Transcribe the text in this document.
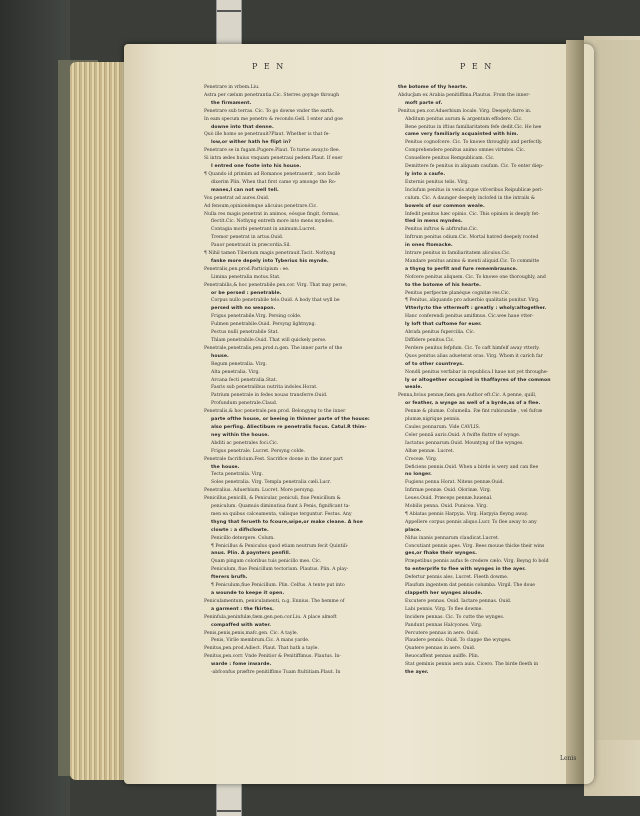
P E N	P E N
Penetrare in vrbem.Liu.
Astra per cælum penetrantia.Cic. Sterres goynge through
the firmament.
Penetrare sub terras. Cic. To go downe vnder the earth.
In eam specum me penetro & recondo.Gell. I enter and goe
downe into that denne.
Quò ille homo se penetrauit?Plaut. Whether is that fe-
low,or wither hath he flipt in?
Penetrare se in fugam.Pugere.Plaut. To turne away,to flee.
Si intra ædes huius vnquam penetraui pedem.Plaut. If euer
I entred one foote into his house.
¶ Quando id primùm ad Romanos penetrauerit , non facilè
dixerim Plin. When that first came vp amonge the Ro-
manes,I can not well tell.
Vox penetrat ad aures.Ouid.
Ad fensum,opinionémque alicuius penetrare.Cic.
Nulla res magis penetrat in animos, eósque fingit, formas,
flectit.Cic. Nothyng entreth more into mens myndes.
Contagia morbi penetrant in animum.Lucret.
Tremor penetrat in artus.Ouid.
Pauor penetrauit in præcordia.Sil.
¶ Nihil tamen Tiberium magis penetrauit.Tacit. Nothyng
fanke more depely into Tyberius his mynde.
Penetralis,pen.prod.Participium : ee.
Limina penetralia motus.Stat.
Penetrabilis,& hoc penetrabile.pen.cor. Virg. That may perse,
or be persed : penetrable.
Corpus nullo penetrabile telo.Ouid. A body that wyll be
persed with no weapon.
Frigus penetrabile.Virg. Persing colde.
Fulmen penetrabile.Ouid. Persyng lightnyng.
Pectus nulli penetrabile Stat.
Thlam penetrabile.Ouid. That will quickely perse.
Penetrale,penetralis,pen.prod.n.gen. The inner parte of the
house.
Regum penetralia. Virg.
Alta penetralia. Virg.
Arcana fecti penetralia.Stat.
Fasris sub penetralibus nutrita indoles.Horat.
Patrium penetrale in fedes nouas transferre.Ouid.
Profundum penetrale.Claud.
Penetralis,& hoc penetrale.pen.prod. Belongyng to the inner
parte ofthe house, or beeing in thinner parte of the house:
also perfing. Aliectibum re penetralis focus. Catul.R thim-
ney within the house.
Abditi ac penetrales foci.Cic.
Frigus penetrale. Lucret. Persyng colde.
Penetrale facrificium.Fest. Sacrifice doone in the inner part
the house.
Tecta penetralia. Virg.
Soles penetralia. Virg. Templa penetralia cæli.Lucr.
Penetralius. Aduerbium. Lucret. More persyng.
Penicillus,penicilli, & Penicular, peniculi, fiue Penicillum &
peniculum. Quamuis diminutiua fiunt à Penis, fignificant ta-
men ea quibus calceamenta, valisque terguntur. Festus. Any
thyng that ferueth to fcoure,wipe,or make cleane. A hoe
clowte : a difhclowte.
Penicillo detergere. Colum.
¶ Penicillus & Peniculus quod etiam neutrum fecit Quintili-
anus. Plin. A paynters penfill.
Quam pingam coloribus tuis penicillo meo. Cic.
Peniculum, fiue Penicillum tectorium. Plautus. Plin. A play-
fterers brufh.
¶ Peniculum,fiue Penicillum. Plin. Celfus. A tente put into
a woundе to keepe it open.
Peniculamentum, peniculamenti, n.g. Ennius. The hemme of
a garment : the fkirtes.
Peninfula,peninfulæ,fæm.gen.pen.cor.Liu. A place almoft
compaffed with water.
Penis,penis,penis,mafc.gen. Cic. A tayle.
Penis, Virile membrum.Cic. A mans yarde.
Penitus,pen.prod.Adiect. Plaut. That hath a tayle.
Penitus,pen.corr. Vnde Penitior & Penitiffimus. Plautus. In-
warde : fome inwarde.
-abfconfus præftre penitiffimo Tuam ftultitiam.Plaut. In
the botome of thy hearte.
Abducʃam ex Arabia penitiffima.Plautus. From the inner-
moft parte of.
Penitus,pen.cor.Aduerbium locale. Virg. Deepely:farre in.
Abditum penitus aurum & argentum effodere. Cic.
Bene penitus in iftius familiaritatem fefe dedit.Cic. He hee
came very familiarly acquainted with him.
Penitus cognofcere. Cic. To knowe throughly and perfectly.
Comprehendere penitus animo omnes virtutes. Cic.
Conuellere penitus Rempublicam. Cic.
Demittere fe penitus in aliquam caufam. Cic. To enter diep-
ly into a caufe.
Externis penitus telis. Virg.
Inclufum penitus in venis atque vifceribus Reipublicæ peri-
culum. Cic. A daunger deepely inclofed in the intrails &
bowels of our common weale.
Infedit penitus hæc opinio. Cic. This opinion is deeply fet-
tled in mens myndes.
Penitus inftrus & abftrufus.Cic.
Inftrum penitus odium.Cic. Mortal hatred deepely rooted
in ones ftomacke.
Intrare penitus in familiaritatem alicuius.Cic.
Mandare penitus animo & menti aliquid.Cic. To committe
a thyng to perfit and fure remembraunce.
Nofcere penitus aliquem. Cic. To knowe one thoroughly, and
to the botome of his hearte.
Penitus perfpectæ planéque cognitæ res.Cic.
¶ Penitus, aliquando pro aduerbio qualitatis ponitur. Virg.
Vtterly:to the vttermoft : greatly : wholy:altogether.
Hanc conferendi penitus amifimus. Cic.wee haue vtter-
ly loft that cuftome for euer.
Abrafa penitus fuperciliа. Cic.
Diffidere penitus.Cic.
Perdere penitus fefpfum. Cic. To caft himfelf away vtterly.
Quos penitus alias adueterat oras. Virg. Whom it carich far
of to other countreys.
Nondū penitus verfabar in republica.I haue not yet throughe-
ly or altogether occupied in thaffayres of the common
weale.
Penna,hvius pennæ,fæm.gen.Author eft.Cic. A penne, quill,
or feather, a wynge as well of a byrde,as of a flee.
Pennæ & plumæ. Columella. Fæ fint rubicundæ , vel fufcæ
plumæ,nigríque pennis.
Caules pennarum. Vide CAVLIS.
Celer pennâ auris.Ouid. A fwifte fluttre of wynge.
Iactatus pennarum.Ouid. Mountyng of the wynges.
Albæ pennæ. Lucret.
Croceæ. Virg.
Deficiens pennis.Ouid. When a birde is wery and can flee
no longer.
Fugiens penna Horat. Nitens pennæ.Ouid.
Infirmæ pennæ. Ouid. Olorinæ. Virg.
Leues.Ouid. Præceps pennæ.Iuuenal.
Mobilis penna. Ouid. Punicea. Virg.
¶ Ablatas pennis Harpyia. Virg. Harpyia fleyng away.
Appellere corpus pennis aliquo.Lucr. To flee away to any
place.
Nifus inanis pennarum claudicat.Lucret.
Concutiant pennis apes. Virg. Bees mouue thicke their wins
ges,or fhake their wynges.
Præpetibus pennis aufus fe credere cælo. Virg. Beyng fo bold
to enterprife to flee with wynges in the ayer.
Defertur pennis ales. Lucret. Fleeth dowme.
Plaufum ingentem dat pennis columba. Virgil. The doue
clappeth her wynges aloude.
Excutere pennas. Ouid. Iactare pennas. Ouid.
Labi pennis. Virg. To flee dowme.
Incidere pennas. Cic. To cutte the wynges.
Pandunt pennas Halcyones. Virg.
Percutere pennas in aere. Ouid.
Plaudere pennis. Ouid. To clappe the wynges.
Quatere pennas in aere. Ouid.
Reuocaffent pennas auiffe. Plin.
Stat geminis pennis aera auis. Cicero. The birde fleeth in
the ayer.
Lenis
